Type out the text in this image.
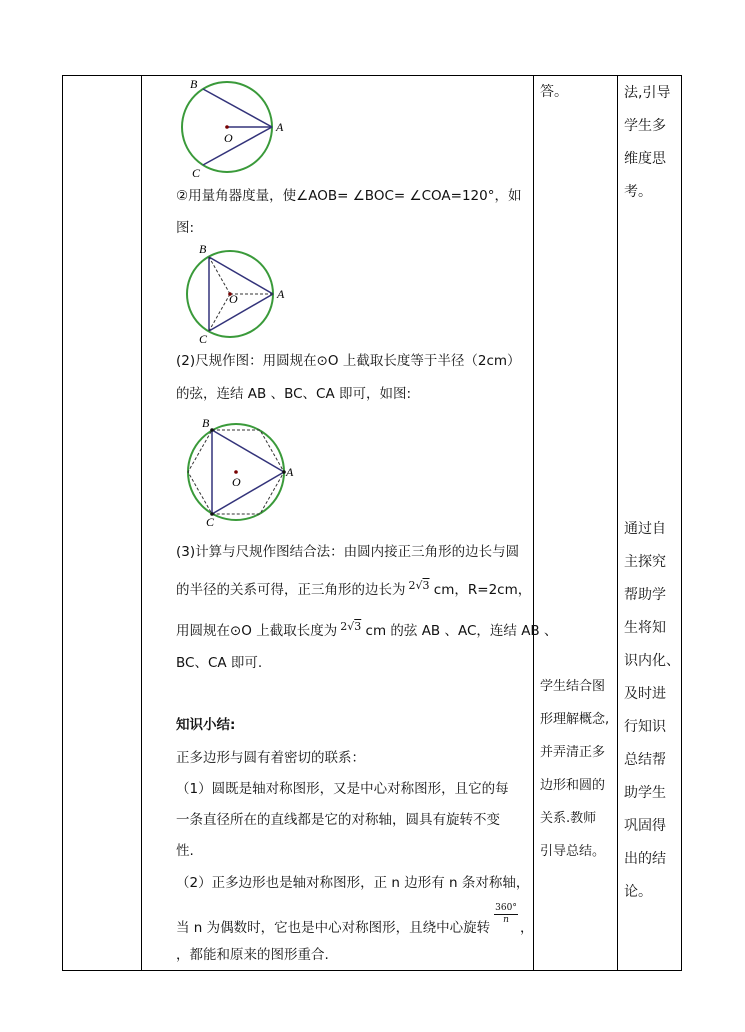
B
C
A
O
②用量角器度量，使∠AOB= ∠BOC= ∠COA=120°，如
图:
B
C
A
O
(2)尺规作图：用圆规在⊙O 上截取长度等于半径（2cm）
的弦，连结 AB 、BC、CA 即可，如图:
B
C
A
O
(3)计算与尺规作图结合法：由圆内接正三角形的边长与圆
的半径的关系可得，正三角形的边长为 $^{2√3}$ cm，R=2cm，
用圆规在⊙O 上截取长度为 $^{2√3}$ cm 的弦 AB 、AC，连结 AB 、
BC、CA 即可.
知识小结:
正多边形与圆有着密切的联系：
（1）圆既是轴对称图形，又是中心对称图形，且它的每
一条直径所在的直线都是它的对称轴，圆具有旋转不变
性.
（2）正多边形也是轴对称图形，正 n 边形有 n 条对称轴，
当 n 为偶数时，它也是中心对称图形，且绕中心旋转
$\frac{360^\circ}{n}$
，
，都能和原来的图形重合.
答。
学生结合图
形理解概念,
并弄清正多
边形和圆的
关系.教师
引导总结。
法,引导
学生多
维度思
考。
通过自
主探究
帮助学
生将知
识内化、
及时进
行知识
总结帮
助学生
巩固得
出的结
论。
